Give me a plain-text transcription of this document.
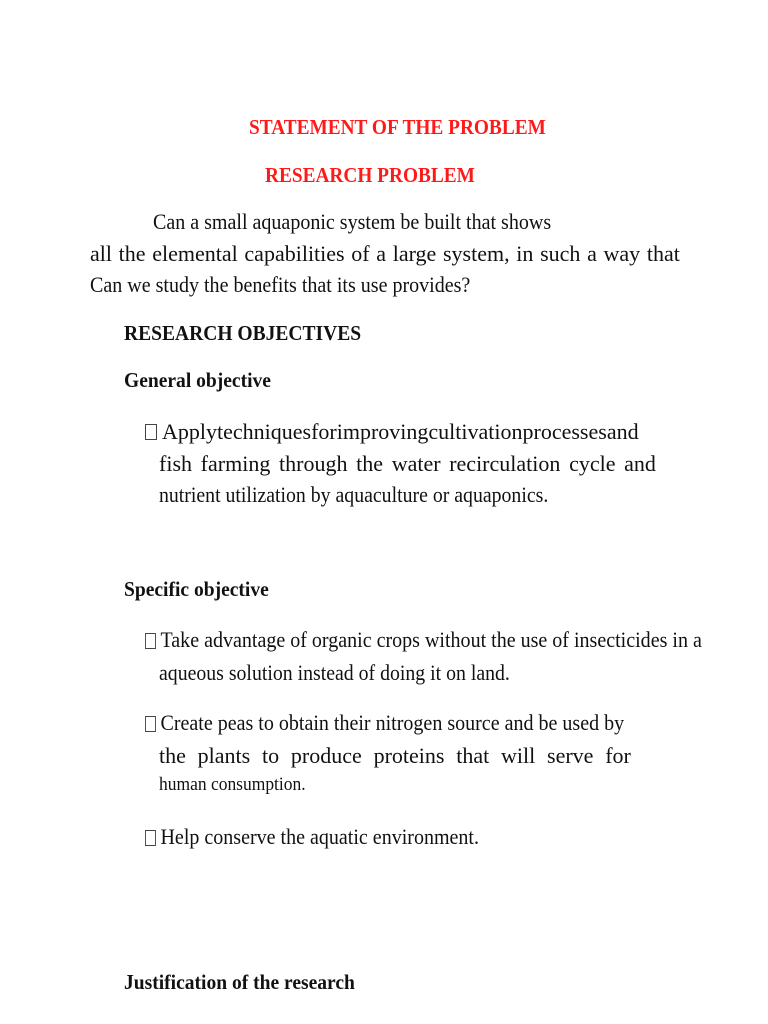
STATEMENT OF THE PROBLEM
RESEARCH PROBLEM
Can a small aquaponic system be built that shows
all the elemental capabilities of a large system, in such a way that
Can we study the benefits that its use provides?
RESEARCH OBJECTIVES
General objective
Applytechniquesforimprovingcultivationprocessesand
fish farming through the water recirculation cycle and
nutrient utilization by aquaculture or aquaponics.
Specific objective
Take advantage of organic crops without the use of insecticides in a
aqueous solution instead of doing it on land.
Create peas to obtain their nitrogen source and be used by
the plants to produce proteins that will serve for
human consumption.
Help conserve the aquatic environment.
Justification of the research
